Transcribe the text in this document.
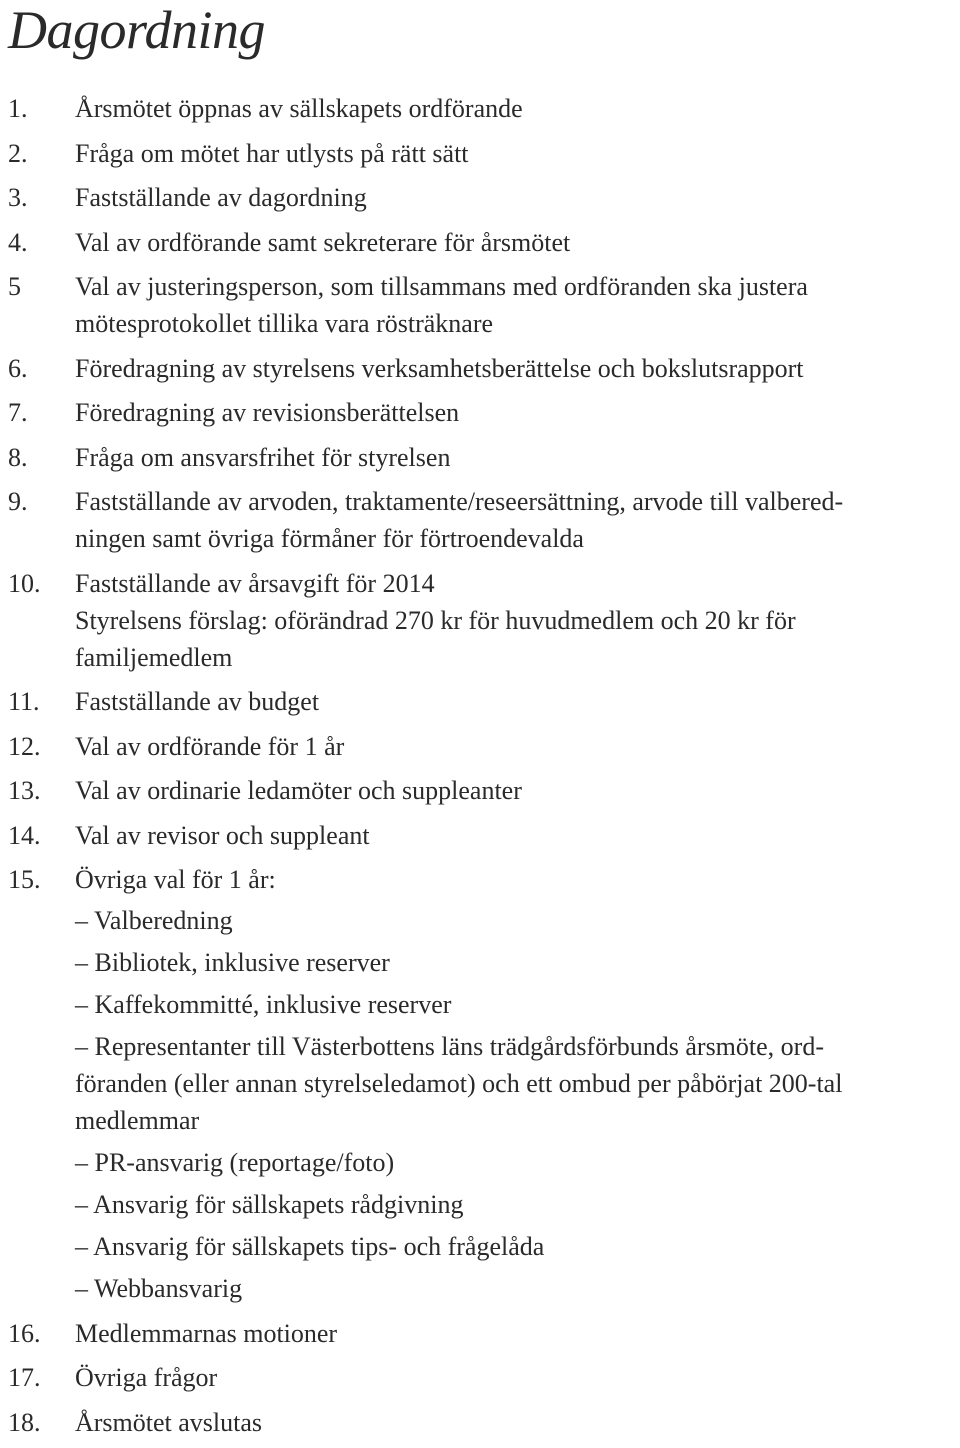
Dagordning
1.	Årsmötet öppnas av sällskapets ordförande
2.	Fråga om mötet har utlysts på rätt sätt
3.	Fastställande av dagordning
4.	Val av ordförande samt sekreterare för årsmötet
5	Val av justeringsperson, som tillsammans med ordföranden ska justera
mötesprotokollet tillika vara rösträknare
6.	Föredragning av styrelsens verksamhetsberättelse och bokslutsrapport
7.	Föredragning av revisionsberättelsen
8.	Fråga om ansvarsfrihet för styrelsen
9.	Fastställande av arvoden, traktamente/reseersättning, arvode till valbered-
ningen samt övriga förmåner för förtroendevalda
10.	Fastställande av årsavgift för 2014
Styrelsens förslag: oförändrad 270 kr för huvudmedlem och 20 kr för
familjemedlem
11.	Fastställande av budget
12.	Val av ordförande för 1 år
13.	Val av ordinarie ledamöter och suppleanter
14.	Val av revisor och suppleant
15.	Övriga val för 1 år:
– Valberedning
– Bibliotek, inklusive reserver
– Kaffekommitté, inklusive reserver
– Representanter till Västerbottens läns trädgårdsförbunds årsmöte, ord-
föranden (eller annan styrelseledamot) och ett ombud per påbörjat 200-tal
medlemmar
– PR-ansvarig (reportage/foto)
– Ansvarig för sällskapets rådgivning
– Ansvarig för sällskapets tips- och frågelåda
– Webbansvarig
16.	Medlemmarnas motioner
17.	Övriga frågor
18.	Årsmötet avslutas
